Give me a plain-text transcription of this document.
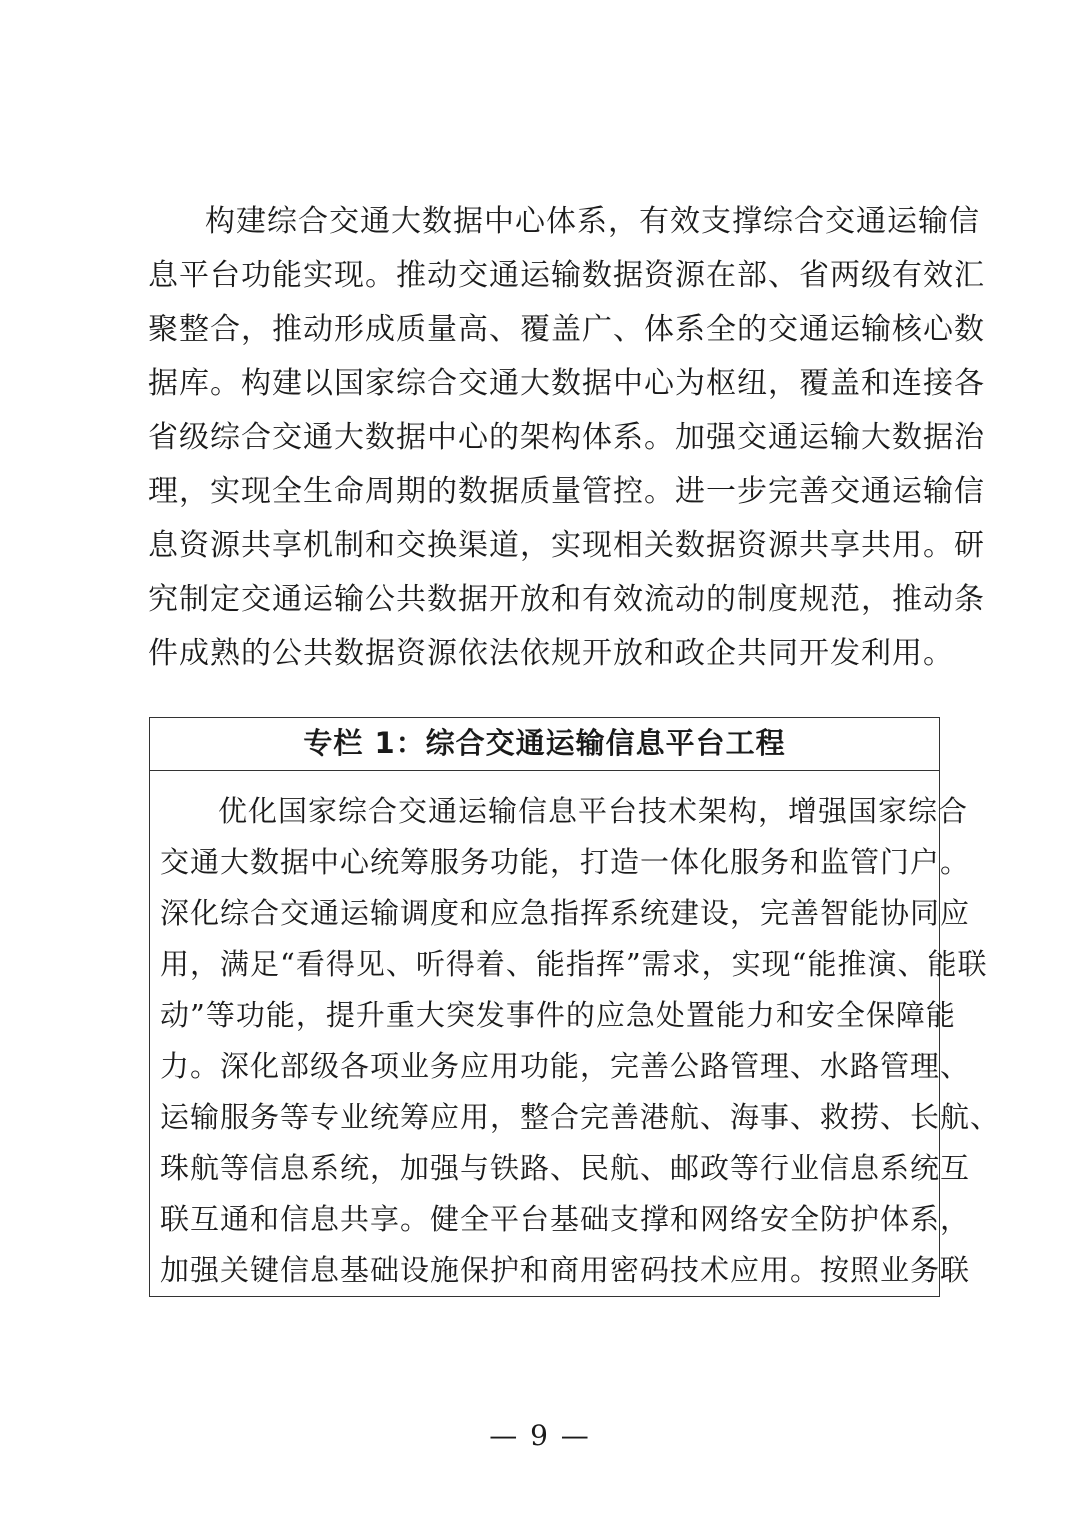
构建综合交通大数据中心体系，有效支撑综合交通运输信
息平台功能实现。推动交通运输数据资源在部、省两级有效汇
聚整合，推动形成质量高、覆盖广、体系全的交通运输核心数
据库。构建以国家综合交通大数据中心为枢纽，覆盖和连接各
省级综合交通大数据中心的架构体系。加强交通运输大数据治
理，实现全生命周期的数据质量管控。进一步完善交通运输信
息资源共享机制和交换渠道，实现相关数据资源共享共用。研
究制定交通运输公共数据开放和有效流动的制度规范，推动条
件成熟的公共数据资源依法依规开放和政企共同开发利用。
专栏 1：综合交通运输信息平台工程
优化国家综合交通运输信息平台技术架构，增强国家综合
交通大数据中心统筹服务功能，打造一体化服务和监管门户。
深化综合交通运输调度和应急指挥系统建设，完善智能协同应
用，满足“看得见、听得着、能指挥”需求，实现“能推演、能联
动”等功能，提升重大突发事件的应急处置能力和安全保障能
力。深化部级各项业务应用功能，完善公路管理、水路管理、
运输服务等专业统筹应用，整合完善港航、海事、救捞、长航、
珠航等信息系统，加强与铁路、民航、邮政等行业信息系统互
联互通和信息共享。健全平台基础支撑和网络安全防护体系，
加强关键信息基础设施保护和商用密码技术应用。按照业务联
— 9 —
